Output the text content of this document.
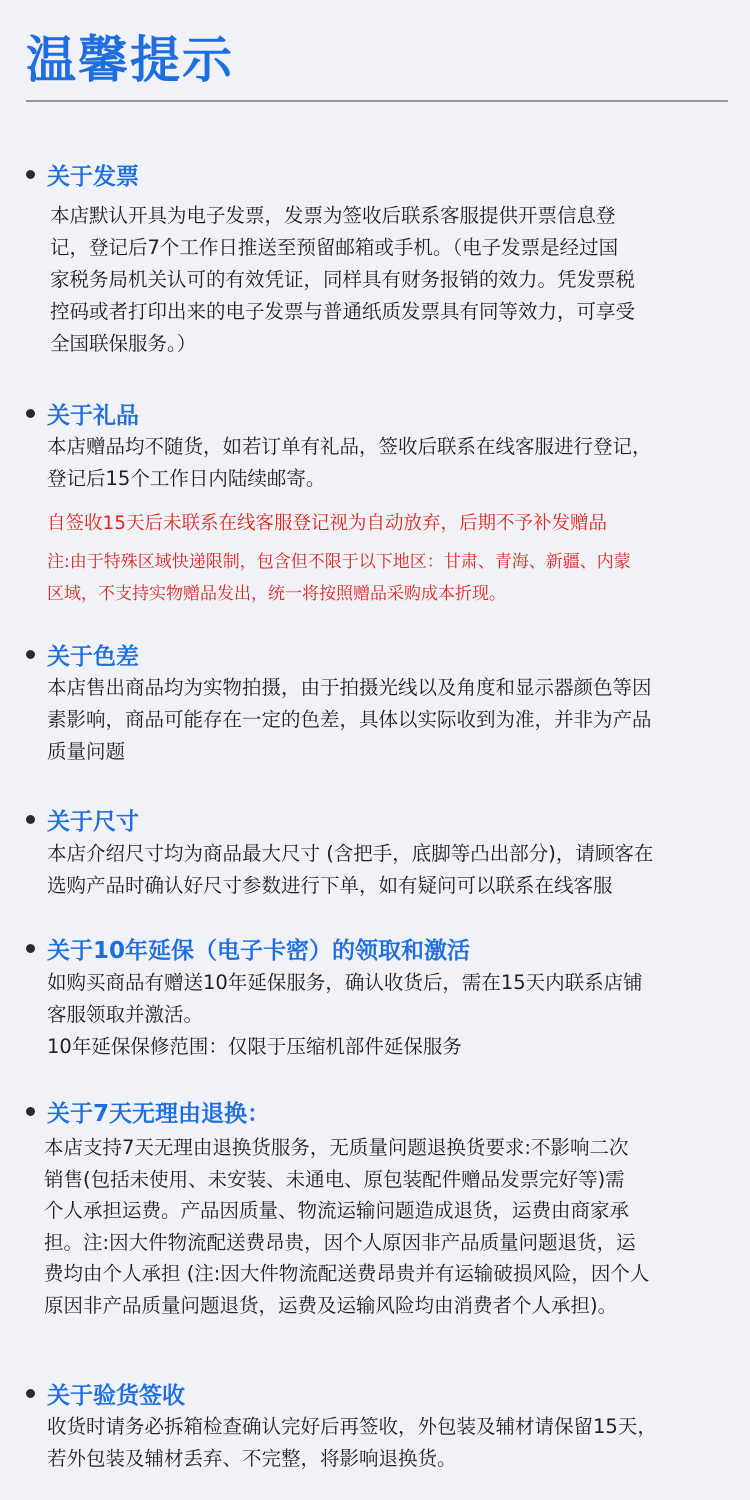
温馨提示
关于发票
本店默认开具为电子发票，发票为签收后联系客服提供开票信息登
记，登记后7个工作日推送至预留邮箱或手机。（电子发票是经过国
家税务局机关认可的有效凭证，同样具有财务报销的效力。凭发票税
控码或者打印出来的电子发票与普通纸质发票具有同等效力，可享受
全国联保服务。）
关于礼品
本店赠品均不随货，如若订单有礼品，签收后联系在线客服进行登记，
登记后15个工作日内陆续邮寄。
自签收15天后未联系在线客服登记视为自动放弃，后期不予补发赠品
注:由于特殊区域快递限制，包含但不限于以下地区：甘肃、青海、新疆、内蒙
区域，不支持实物赠品发出，统一将按照赠品采购成本折现。
关于色差
本店售出商品均为实物拍摄，由于拍摄光线以及角度和显示器颜色等因
素影响，商品可能存在一定的色差，具体以实际收到为准，并非为产品
质量问题
关于尺寸
本店介绍尺寸均为商品最大尺寸 (含把手，底脚等凸出部分)，请顾客在
选购产品时确认好尺寸参数进行下单，如有疑问可以联系在线客服
关于10年延保（电子卡密）的领取和激活
如购买商品有赠送10年延保服务，确认收货后，需在15天内联系店铺
客服领取并激活。
10年延保保修范围：仅限于压缩机部件延保服务
关于7天无理由退换：
本店支持7天无理由退换货服务，无质量问题退换货要求:不影响二次
销售(包括未使用、未安装、未通电、原包装配件赠品发票完好等)需
个人承担运费。产品因质量、物流运输问题造成退货，运费由商家承
担。注:因大件物流配送费昂贵，因个人原因非产品质量问题退货，运
费均由个人承担 (注:因大件物流配送费昂贵并有运输破损风险，因个人
原因非产品质量问题退货，运费及运输风险均由消费者个人承担)。
关于验货签收
收货时请务必拆箱检查确认完好后再签收，外包装及辅材请保留15天，
若外包装及辅材丢弃、不完整，将影响退换货。
